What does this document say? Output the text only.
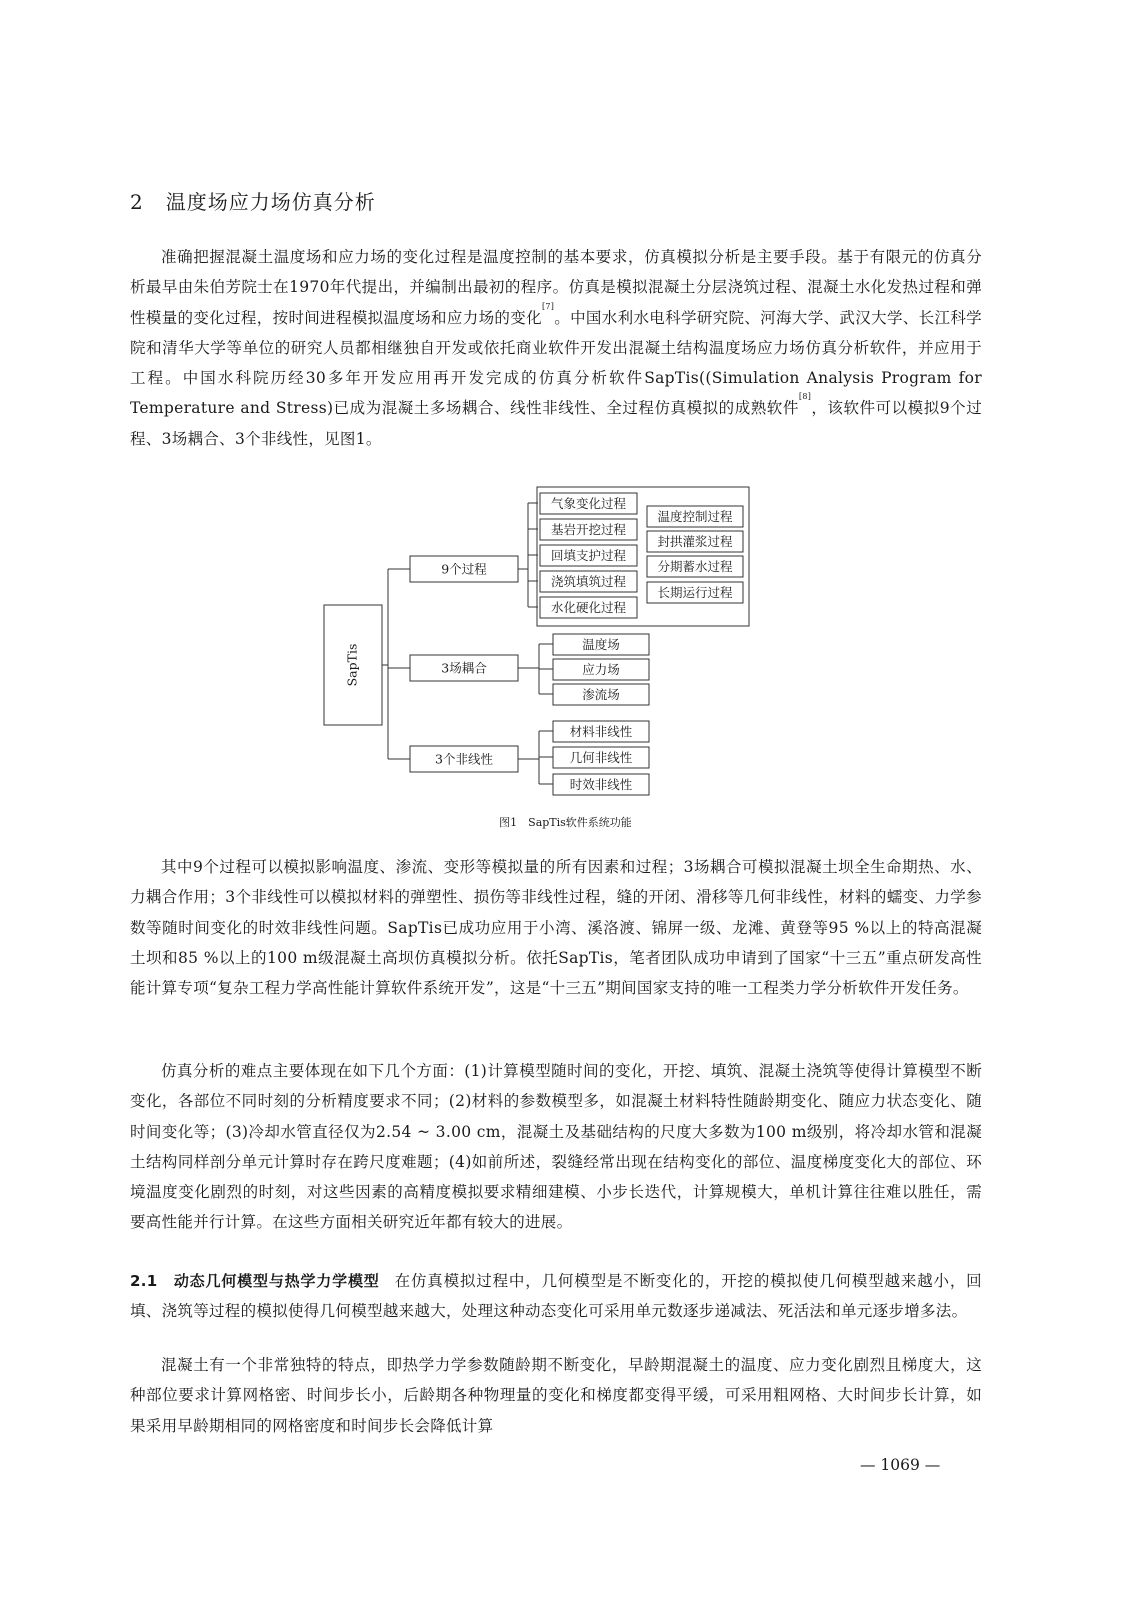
2 温度场应力场仿真分析

准确把握混凝土温度场和应力场的变化过程是温度控制的基本要求，仿真模拟分析是主要手段。基于有限元的仿真分析最早由朱伯芳院士在1970年代提出，并编制出最初的程序。仿真是模拟混凝土分层浇筑过程、混凝土水化发热过程和弹性模量的变化过程，按时间进程模拟温度场和应力场的变化[7]。中国水利水电科学研究院、河海大学、武汉大学、长江科学院和清华大学等单位的研究人员都相继独自开发或依托商业软件开发出混凝土结构温度场应力场仿真分析软件，并应用于工程。中国水科院历经30多年开发应用再开发完成的仿真分析软件SapTis((Simulation Analysis Program for Temperature and Stress)已成为混凝土多场耦合、线性非线性、全过程仿真模拟的成熟软件[8]，该软件可以模拟9个过程、3场耦合、3个非线性，见图1。

SapTis
9个过程
3场耦合
3个非线性
气象变化过程
基岩开挖过程
回填支护过程
浇筑填筑过程
水化硬化过程
温度控制过程
封拱灌浆过程
分期蓄水过程
长期运行过程
温度场
应力场
渗流场
材料非线性
几何非线性
时效非线性

图1　SapTis软件系统功能

其中9个过程可以模拟影响温度、渗流、变形等模拟量的所有因素和过程；3场耦合可模拟混凝土坝全生命期热、水、力耦合作用；3个非线性可以模拟材料的弹塑性、损伤等非线性过程，缝的开闭、滑移等几何非线性，材料的蠕变、力学参数等随时间变化的时效非线性问题。SapTis已成功应用于小湾、溪洛渡、锦屏一级、龙滩、黄登等95 %以上的特高混凝土坝和85 %以上的100 m级混凝土高坝仿真模拟分析。依托SapTis，笔者团队成功申请到了国家“十三五”重点研发高性能计算专项“复杂工程力学高性能计算软件系统开发”，这是“十三五”期间国家支持的唯一工程类力学分析软件开发任务。

仿真分析的难点主要体现在如下几个方面：(1)计算模型随时间的变化，开挖、填筑、混凝土浇筑等使得计算模型不断变化，各部位不同时刻的分析精度要求不同；(2)材料的参数模型多，如混凝土材料特性随龄期变化、随应力状态变化、随时间变化等；(3)冷却水管直径仅为2.54 ~ 3.00 cm，混凝土及基础结构的尺度大多数为100 m级别，将冷却水管和混凝土结构同样剖分单元计算时存在跨尺度难题；(4)如前所述，裂缝经常出现在结构变化的部位、温度梯度变化大的部位、环境温度变化剧烈的时刻，对这些因素的高精度模拟要求精细建模、小步长迭代，计算规模大，单机计算往往难以胜任，需要高性能并行计算。在这些方面相关研究近年都有较大的进展。

2.1　动态几何模型与热学力学模型 在仿真模拟过程中，几何模型是不断变化的，开挖的模拟使几何模型越来越小，回填、浇筑等过程的模拟使得几何模型越来越大，处理这种动态变化可采用单元数逐步递减法、死活法和单元逐步增多法。

混凝土有一个非常独特的特点，即热学力学参数随龄期不断变化，早龄期混凝土的温度、应力变化剧烈且梯度大，这种部位要求计算网格密、时间步长小，后龄期各种物理量的变化和梯度都变得平缓，可采用粗网格、大时间步长计算，如果采用早龄期相同的网格密度和时间步长会降低计算

— 1069 —
